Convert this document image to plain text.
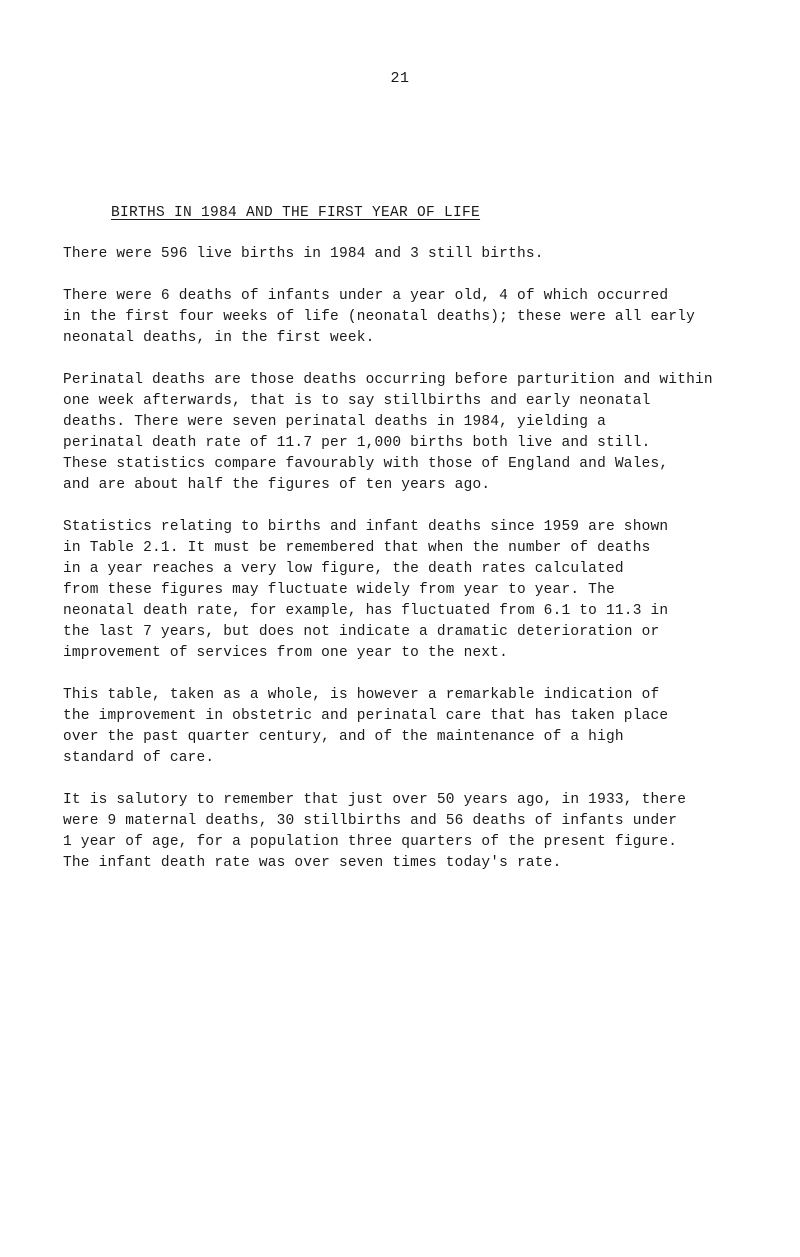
21
BIRTHS IN 1984 AND THE FIRST YEAR OF LIFE
There were 596 live births in 1984 and 3 still births.
There were 6 deaths of infants under a year old, 4 of which occurred
in the first four weeks of life (neonatal deaths); these were all early
neonatal deaths, in the first week.
Perinatal deaths are those deaths occurring before parturition and within
one week afterwards, that is to say stillbirths and early neonatal
deaths. There were seven perinatal deaths in 1984, yielding a
perinatal death rate of 11.7 per 1,000 births both live and still.
These statistics compare favourably with those of England and Wales,
and are about half the figures of ten years ago.
Statistics relating to births and infant deaths since 1959 are shown
in Table 2.1. It must be remembered that when the number of deaths
in a year reaches a very low figure, the death rates calculated
from these figures may fluctuate widely from year to year. The
neonatal death rate, for example, has fluctuated from 6.1 to 11.3 in
the last 7 years, but does not indicate a dramatic deterioration or
improvement of services from one year to the next.
This table, taken as a whole, is however a remarkable indication of
the improvement in obstetric and perinatal care that has taken place
over the past quarter century, and of the maintenance of a high
standard of care.
It is salutory to remember that just over 50 years ago, in 1933, there
were 9 maternal deaths, 30 stillbirths and 56 deaths of infants under
1 year of age, for a population three quarters of the present figure.
The infant death rate was over seven times today's rate.
